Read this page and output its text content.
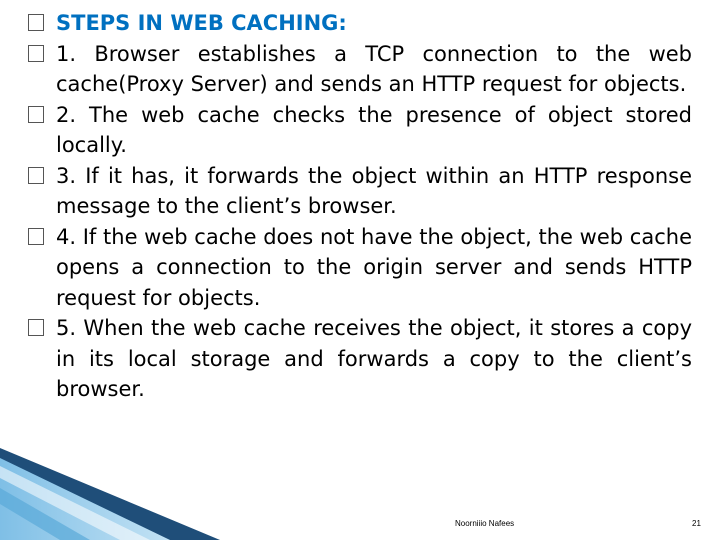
STEPS IN WEB CACHING:
1. Browser establishes a TCP connection to the web cache(Proxy Server) and sends an HTTP request for objects.
2. The web cache checks the presence of object stored locally.
3. If it has, it forwards the object within an HTTP response message to the client’s browser.
4. If the web cache does not have the object, the web cache opens a connection to the origin server and sends HTTP request for objects.
5. When the web cache receives the object, it stores a copy in its local storage and forwards a copy to the client’s browser.
Noorniiio Nafees	21
